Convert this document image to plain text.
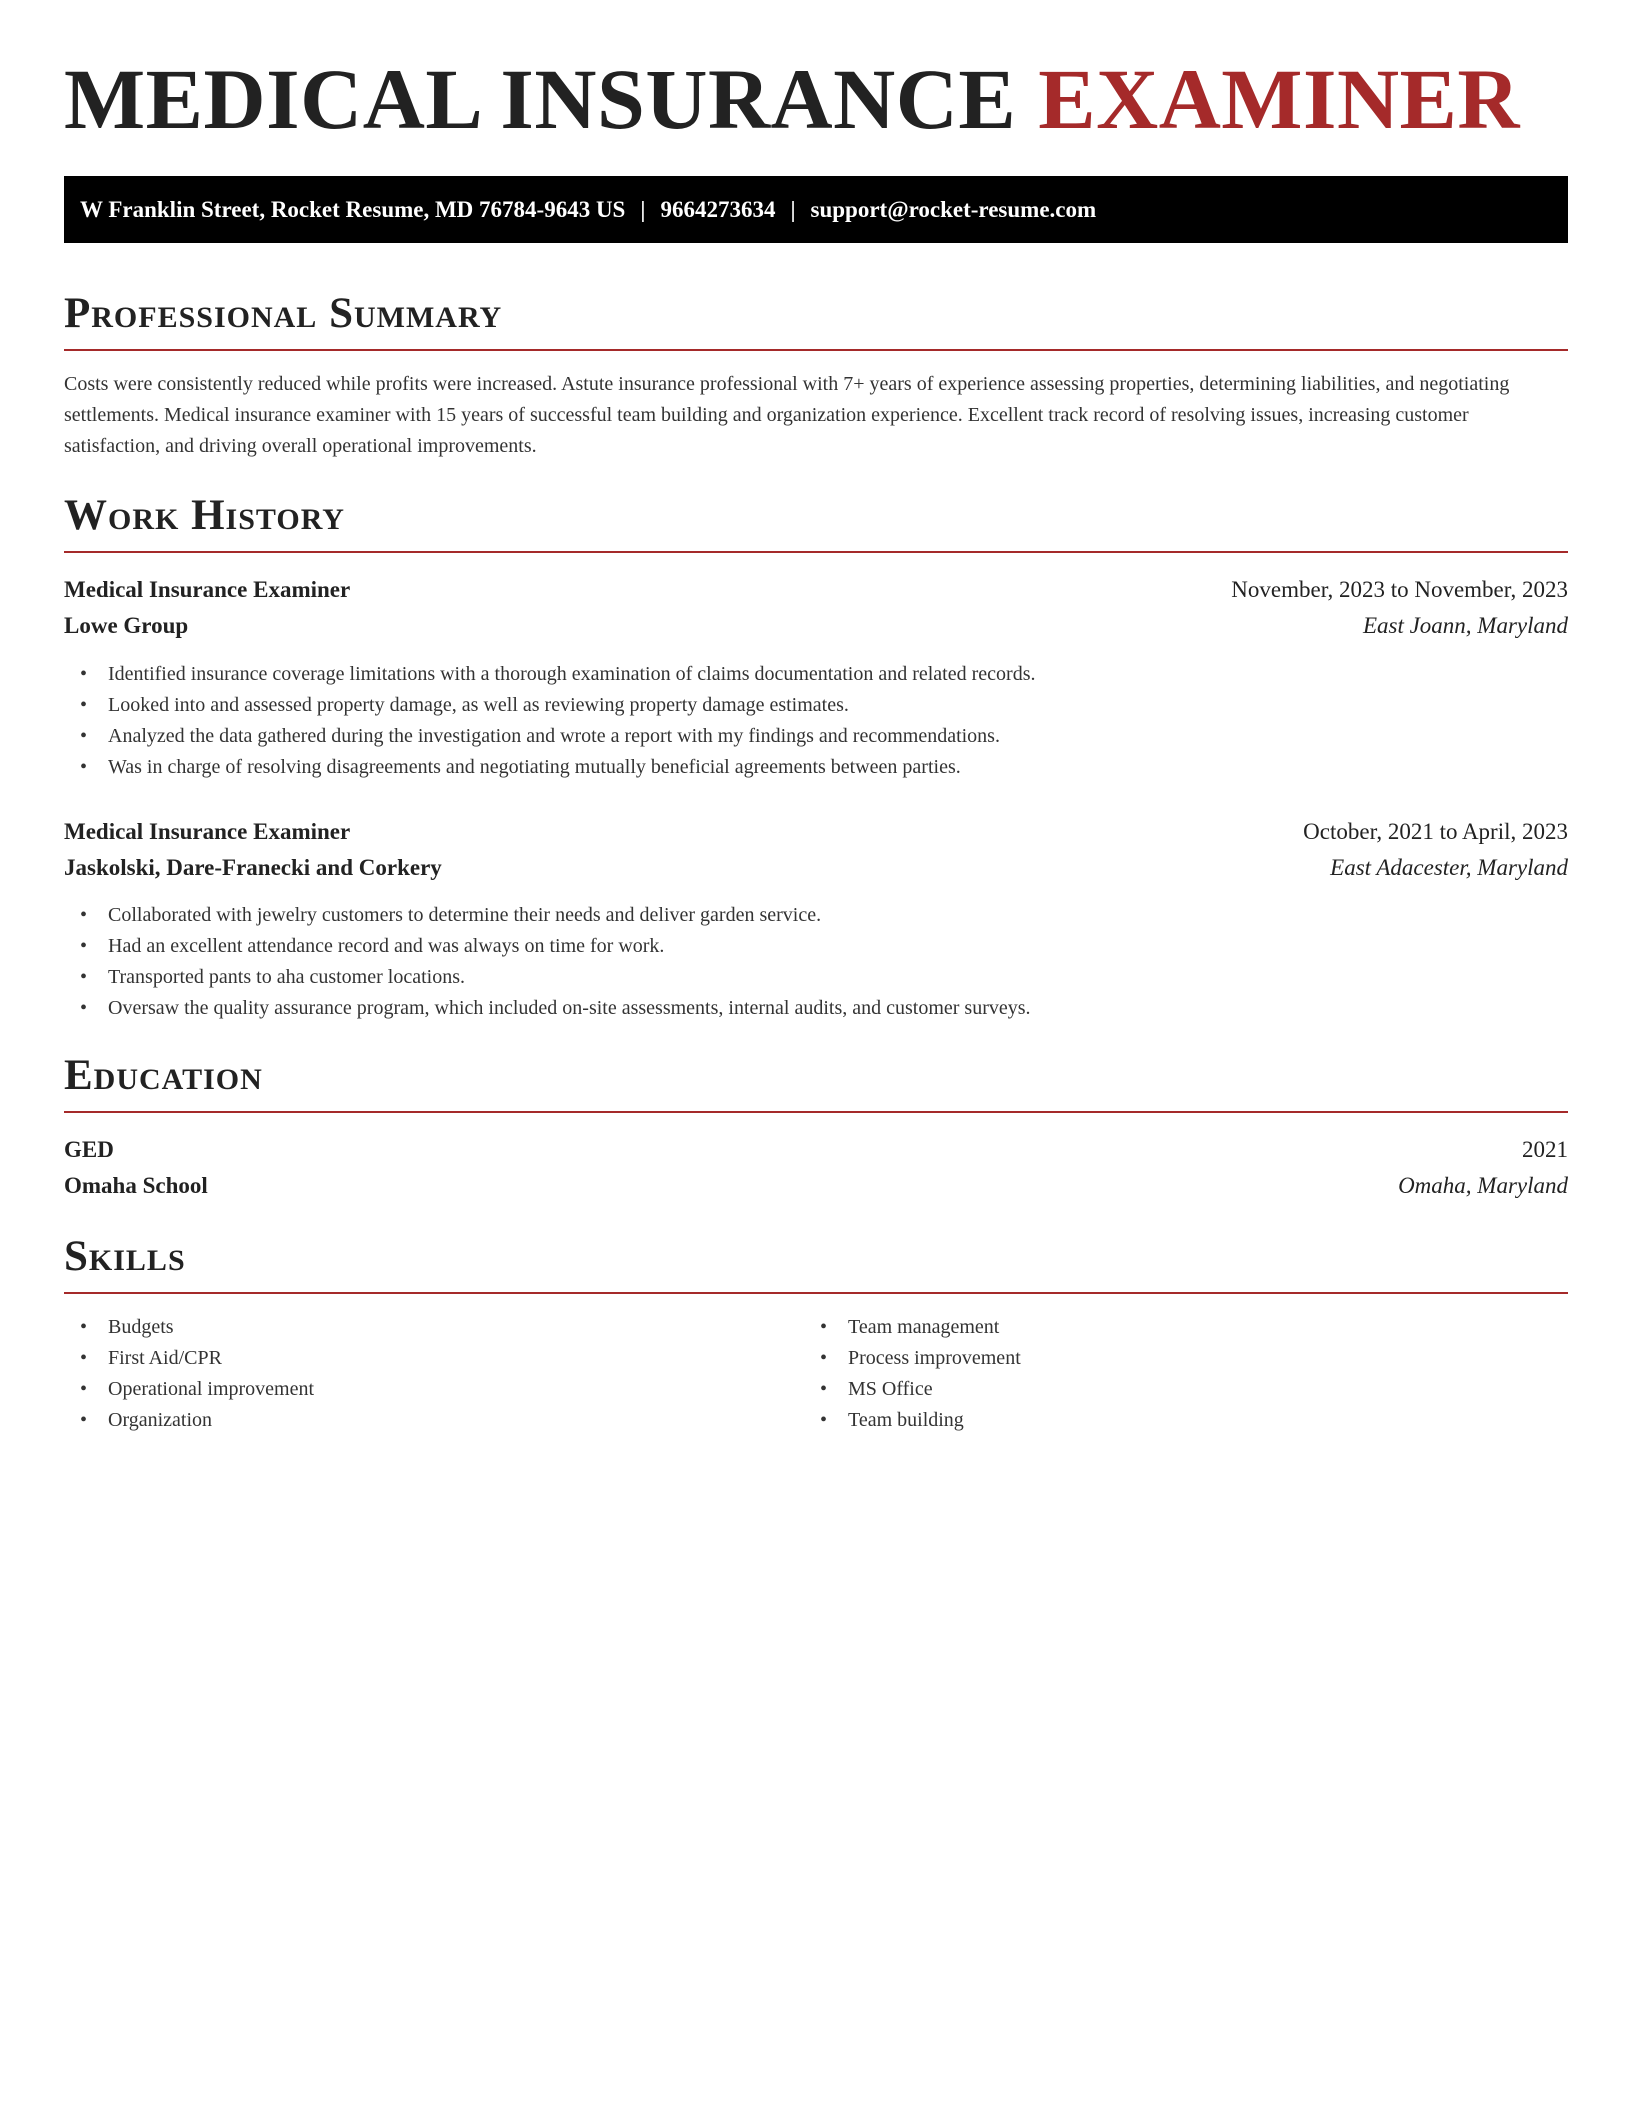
MEDICAL INSURANCE EXAMINER
W Franklin Street, Rocket Resume, MD 76784-9643 US | 9664273634 | support@rocket-resume.com
Professional Summary

Costs were consistently reduced while profits were increased. Astute insurance professional with 7+ years of experience assessing properties, determining liabilities, and negotiating settlements. Medical insurance examiner with 15 years of successful team building and organization experience. Excellent track record of resolving issues, increasing customer satisfaction, and driving overall operational improvements.

Work History
Medical Insurance Examiner	November, 2023 to November, 2023
Lowe Group	East Joann, Maryland
• Identified insurance coverage limitations with a thorough examination of claims documentation and related records.
• Looked into and assessed property damage, as well as reviewing property damage estimates.
• Analyzed the data gathered during the investigation and wrote a report with my findings and recommendations.
• Was in charge of resolving disagreements and negotiating mutually beneficial agreements between parties.
Medical Insurance Examiner	October, 2021 to April, 2023
Jaskolski, Dare-Franecki and Corkery	East Adacester, Maryland
• Collaborated with jewelry customers to determine their needs and deliver garden service.
• Had an excellent attendance record and was always on time for work.
• Transported pants to aha customer locations.
• Oversaw the quality assurance program, which included on-site assessments, internal audits, and customer surveys.
Education
GED	2021
Omaha School	Omaha, Maryland
Skills
• Budgets
• First Aid/CPR
• Operational improvement
• Organization
• Team management
• Process improvement
• MS Office
• Team building
